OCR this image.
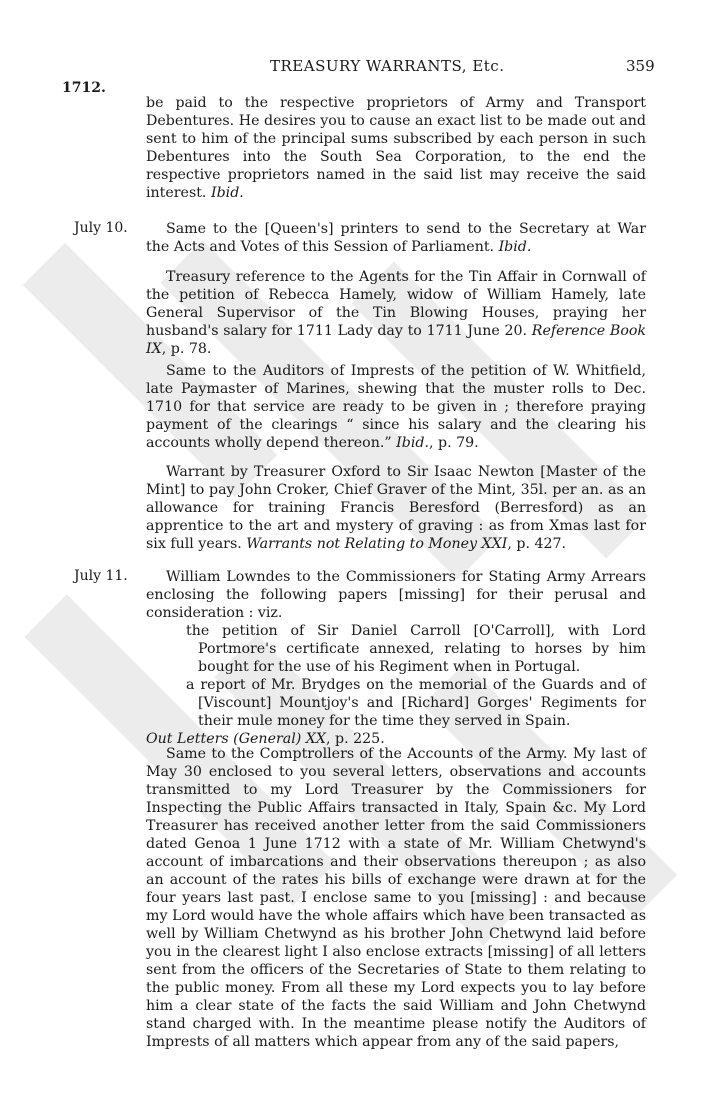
1712.
TREASURY WARRANTS, Etc.	359

be paid to the respective proprietors of Army and Transport Debentures. He desires you to cause an exact list to be made out and sent to him of the principal sums subscribed by each person in such Debentures into the South Sea Corporation, to the end the respective proprietors named in the said list may receive the said interest. Ibid.

July 10.	Same to the [Queen's] printers to send to the Secretary at War the Acts and Votes of this Session of Parliament. Ibid.

Treasury reference to the Agents for the Tin Affair in Cornwall of the petition of Rebecca Hamely, widow of William Hamely, late General Supervisor of the Tin Blowing Houses, praying her husband's salary for 1711 Lady day to 1711 June 20. Reference Book IX, p. 78.

Same to the Auditors of Imprests of the petition of W. Whitfield, late Paymaster of Marines, shewing that the muster rolls to Dec. 1710 for that service are ready to be given in ; therefore praying payment of the clearings “ since his salary and the clearing his accounts wholly depend thereon.” Ibid., p. 79.

Warrant by Treasurer Oxford to Sir Isaac Newton [Master of the Mint] to pay John Croker, Chief Graver of the Mint, 35l. per an. as an allowance for training Francis Beresford (Berresford) as an apprentice to the art and mystery of graving : as from Xmas last for six full years. Warrants not Relating to Money XXI, p. 427.

July 11.	William Lowndes to the Commissioners for Stating Army Arrears enclosing the following papers [missing] for their perusal and consideration : viz.

the petition of Sir Daniel Carroll [O'Carroll], with Lord Portmore's certificate annexed, relating to horses by him bought for the use of his Regiment when in Portugal.

a report of Mr. Brydges on the memorial of the Guards and of [Viscount] Mountjoy's and [Richard] Gorges' Regiments for their mule money for the time they served in Spain.

Out Letters (General) XX, p. 225.

Same to the Comptrollers of the Accounts of the Army. My last of May 30 enclosed to you several letters, observations and accounts transmitted to my Lord Treasurer by the Commissioners for Inspecting the Public Affairs transacted in Italy, Spain &c. My Lord Treasurer has received another letter from the said Commissioners dated Genoa 1 June 1712 with a state of Mr. William Chetwynd's account of imbarcations and their observations thereupon ; as also an account of the rates his bills of exchange were drawn at for the four years last past. I enclose same to you [missing] : and because my Lord would have the whole affairs which have been transacted as well by William Chetwynd as his brother John Chetwynd laid before you in the clearest light I also enclose extracts [missing] of all letters sent from the officers of the Secretaries of State to them relating to the public money. From all these my Lord expects you to lay before him a clear state of the facts the said William and John Chetwynd stand charged with. In the meantime please notify the Auditors of Imprests of all matters which appear from any of the said papers,
